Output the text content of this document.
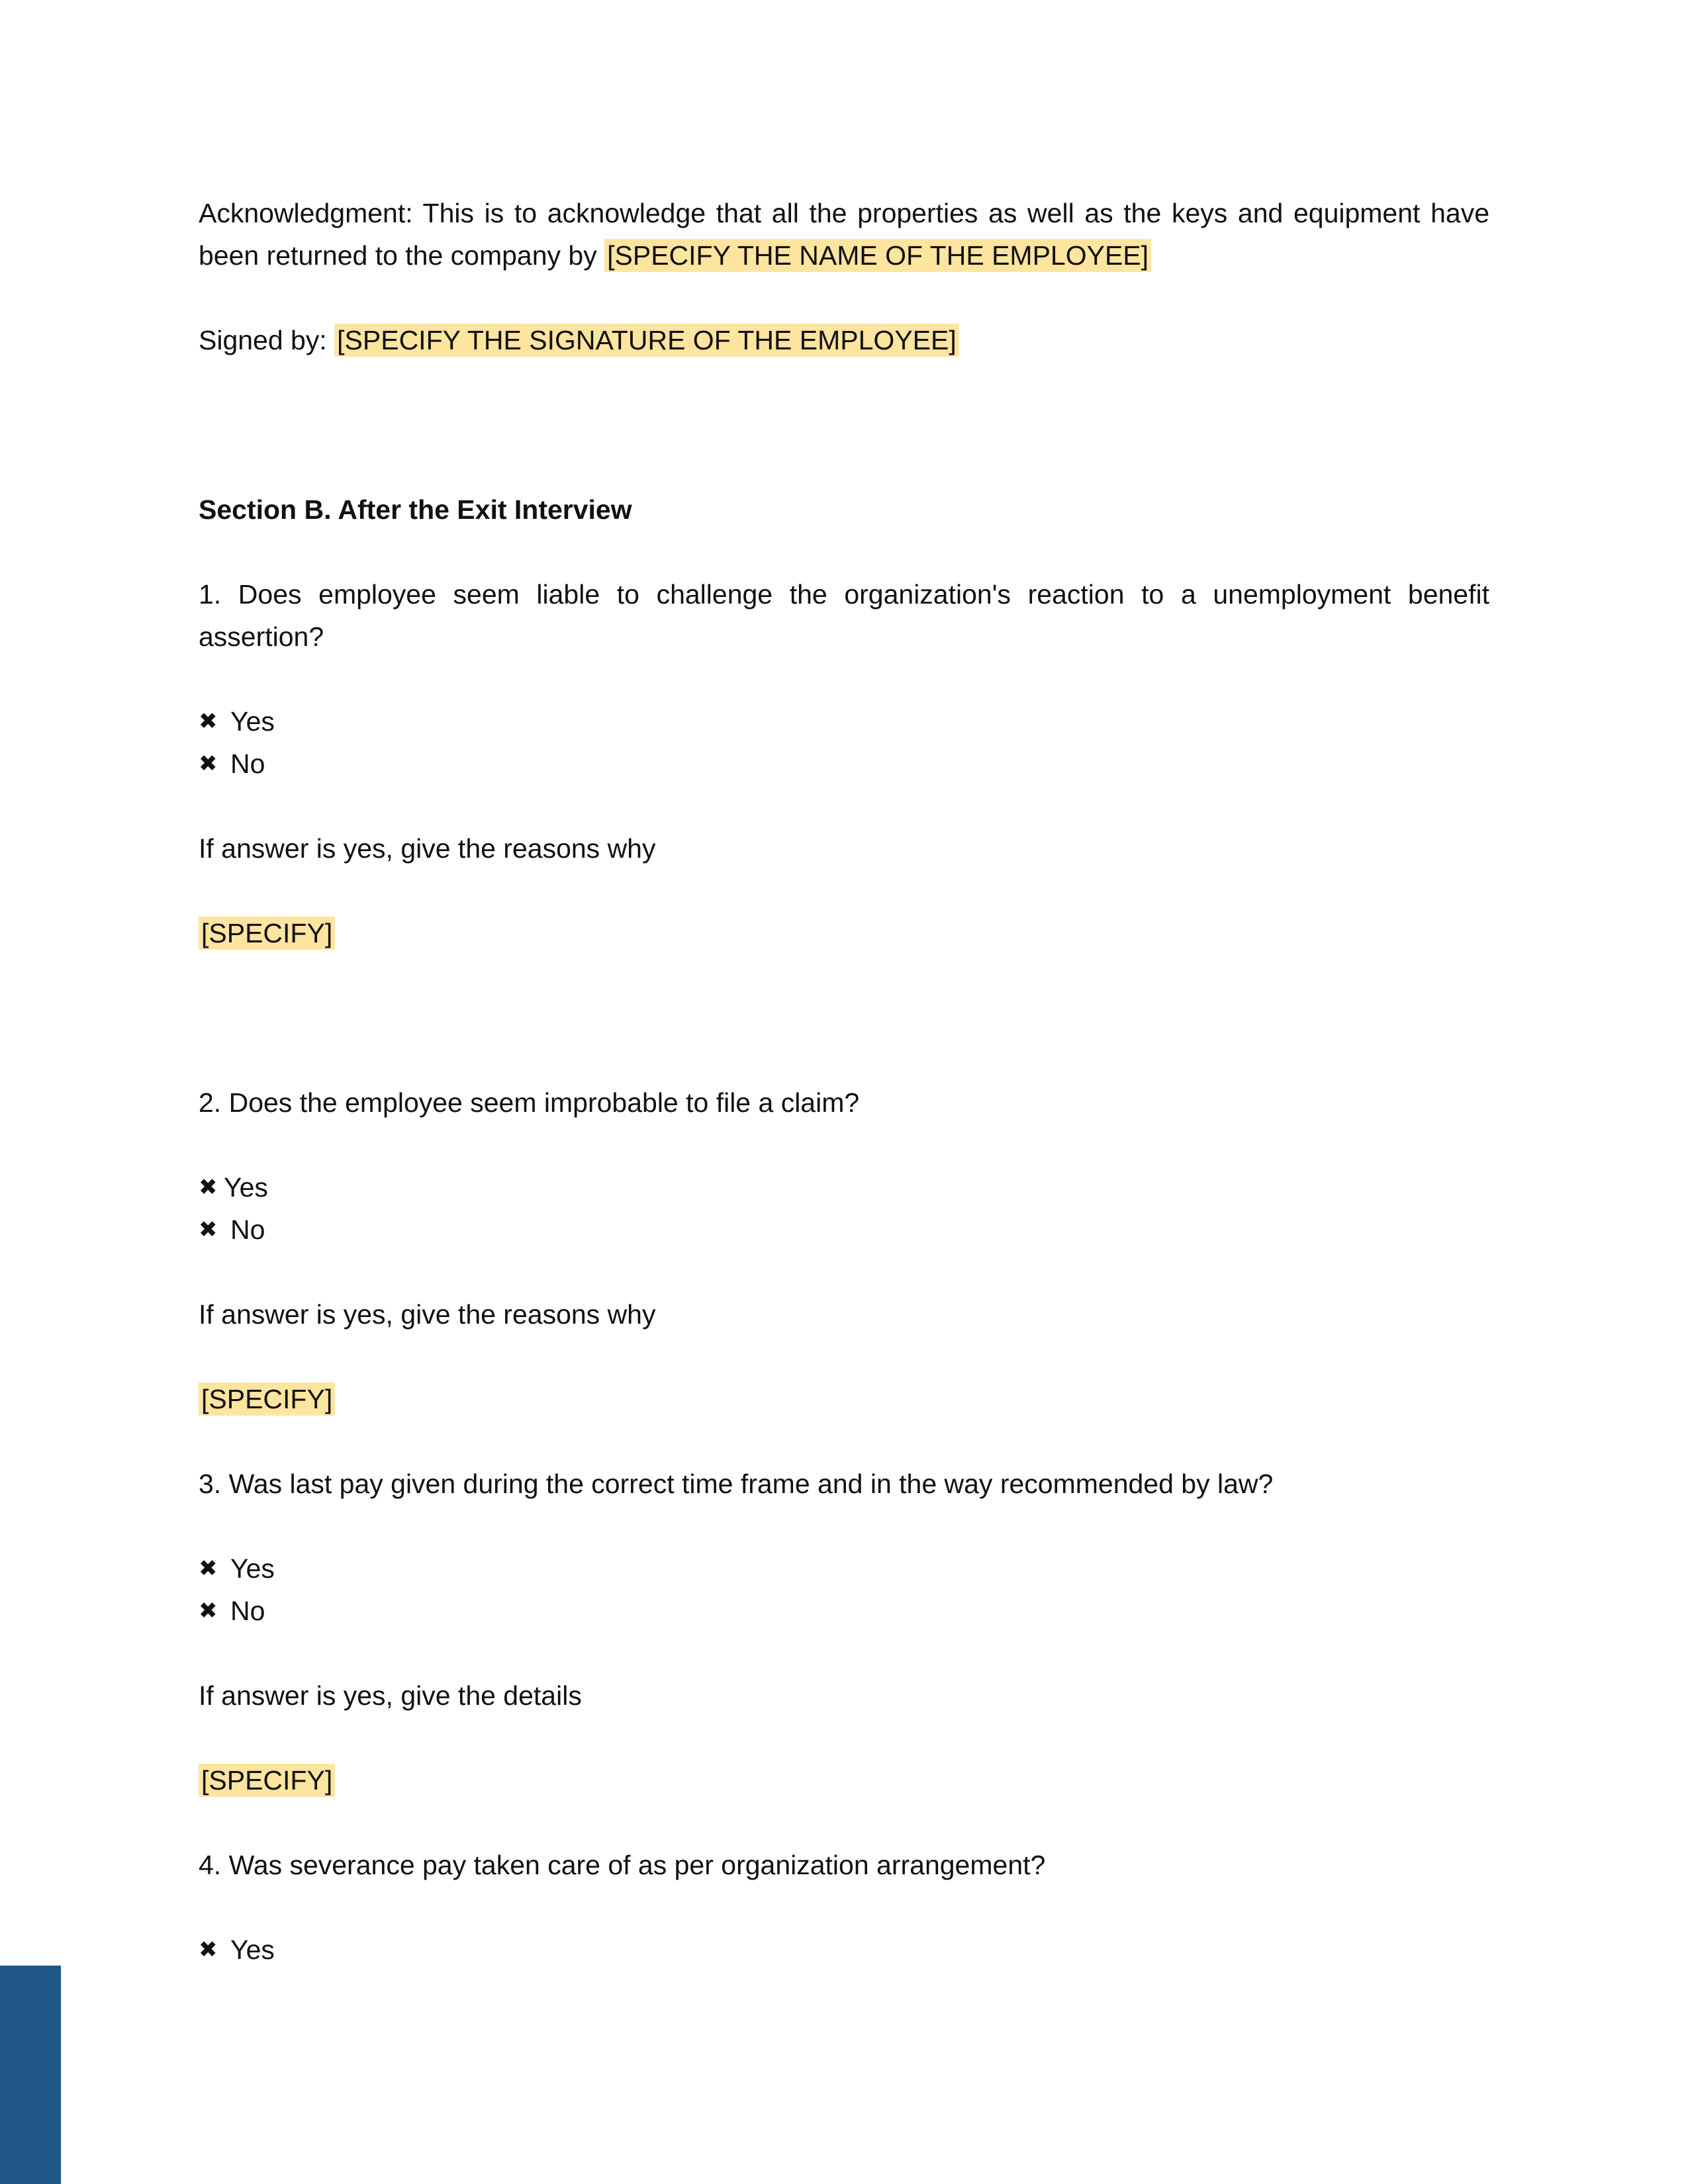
Acknowledgment: This is to acknowledge that all the properties as well as the keys and equipment have been returned to the company by [SPECIFY THE NAME OF THE EMPLOYEE]

Signed by: [SPECIFY THE SIGNATURE OF THE EMPLOYEE]

Section B. After the Exit Interview

1. Does employee seem liable to challenge the organization's reaction to a unemployment benefit assertion?

✖ Yes
✖ No

If answer is yes, give the reasons why

[SPECIFY]

2. Does the employee seem improbable to file a claim?

✖ Yes
✖ No

If answer is yes, give the reasons why

[SPECIFY]

3. Was last pay given during the correct time frame and in the way recommended by law?

✖ Yes
✖ No

If answer is yes, give the details

[SPECIFY]

4. Was severance pay taken care of as per organization arrangement?

✖ Yes
